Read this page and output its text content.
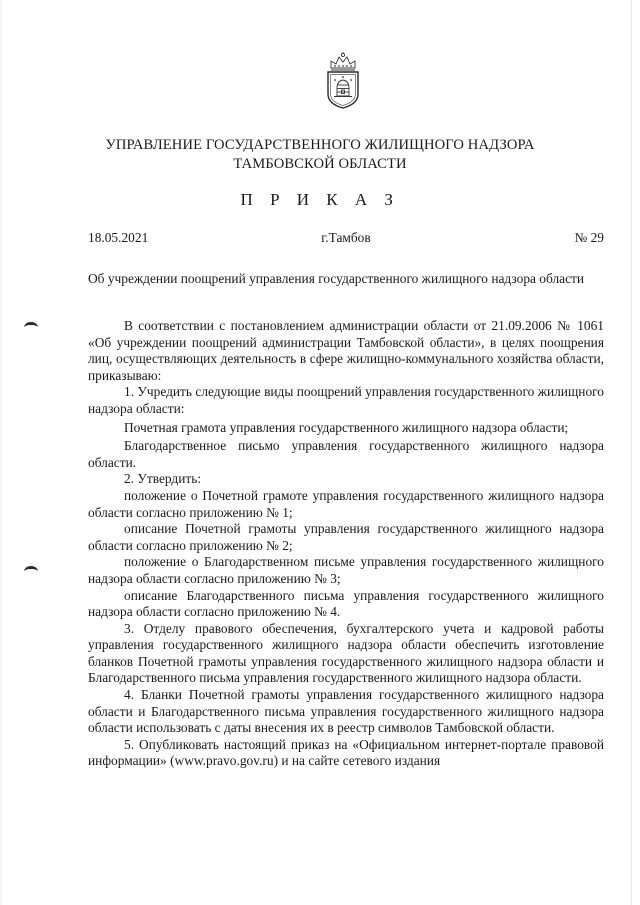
УПРАВЛЕНИЕ ГОСУДАРСТВЕННОГО ЖИЛИЩНОГО НАДЗОРА
ТАМБОВСКОЙ ОБЛАСТИ
П Р И К А З
18.05.2021	г.Тамбов	№ 29
Об учреждении поощрений управления государственного жилищного надзора области

В соответствии с постановлением администрации области от 21.09.2006 № 1061 «Об учреждении поощрений администрации Тамбовской области», в целях поощрения лиц, осуществляющих деятельность в сфере жилищно-коммунального хозяйства области, приказываю:

1. Учредить следующие виды поощрений управления государственного жилищного надзора области:

Почетная грамота управления государственного жилищного надзора области;

Благодарственное письмо управления государственного жилищного надзора области.

2. Утвердить:

положение о Почетной грамоте управления государственного жилищного надзора области согласно приложению № 1;

описание Почетной грамоты управления государственного жилищного надзора области согласно приложению № 2;

положение о Благодарственном письме управления государственного жилищного надзора области согласно приложению № 3;

описание Благодарственного письма управления государственного жилищного надзора области согласно приложению № 4.

3. Отделу правового обеспечения, бухгалтерского учета и кадровой работы управления государственного жилищного надзора области обеспечить изготовление бланков Почетной грамоты управления государственного жилищного надзора области и Благодарственного письма управления государственного жилищного надзора области.

4. Бланки Почетной грамоты управления государственного жилищного надзора области и Благодарственного письма управления государственного жилищного надзора области использовать с даты внесения их в реестр символов Тамбовской области.

5. Опубликовать настоящий приказ на «Официальном интернет-портале правовой информации» (www.pravo.gov.ru) и на сайте сетевого издания
